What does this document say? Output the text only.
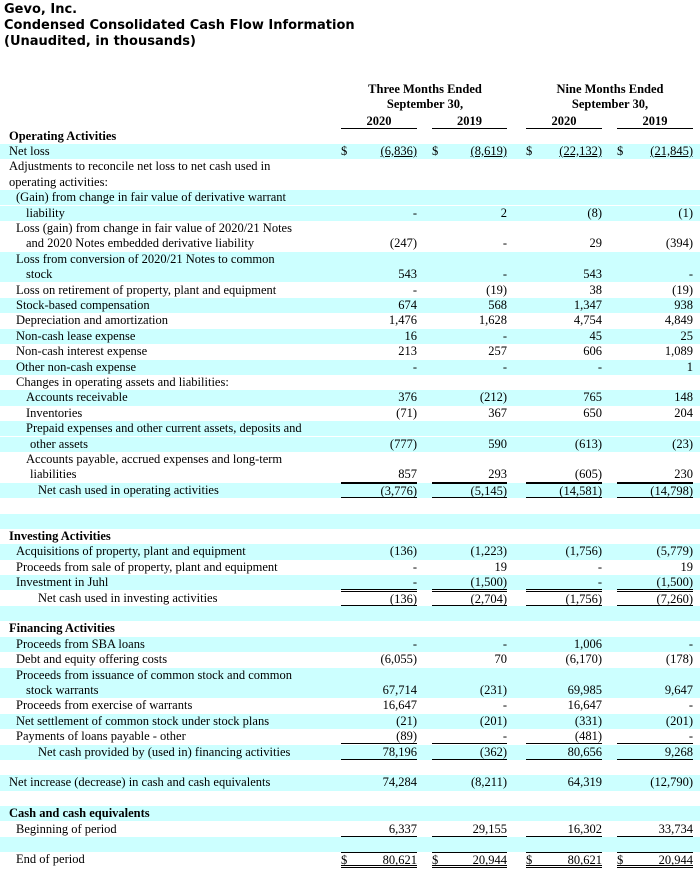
Gevo, Inc.
Condensed Consolidated Cash Flow Information
(Unaudited, in thousands)
Three Months Ended
September 30,
Nine Months Ended
September 30,
2020	2019	2020	2019
Operating Activities
Net loss	$	(6,836) $	(8,619) $ (22,132) $ (21,845)
Adjustments to reconcile net loss to net cash used in
operating activities:
(Gain) from change in fair value of derivative warrant
liability	-	2	(8)	(1)
Loss (gain) from change in fair value of 2020/21 Notes
and 2020 Notes embedded derivative liability	(247)	-	29	(394)
Loss from conversion of 2020/21 Notes to common
stock	543	-	543	-
Loss on retirement of property, plant and equipment	-	(19)	38	(19)
Stock-based compensation	674	568	1,347	938
Depreciation and amortization	1,476	1,628	4,754	4,849
Non-cash lease expense	16	-	45	25
Non-cash interest expense	213	257	606	1,089
Other non-cash expense	-	-	-	1
Changes in operating assets and liabilities:
Accounts receivable	376	(212)	765	148
Inventories	(71)	367	650	204
Prepaid expenses and other current assets, deposits and
other assets	(777)	590	(613)	(23)
Accounts payable, accrued expenses and long-term
liabilities	857	293	(605)	230
Net cash used in operating activities	(3,776)	(5,145)	(14,581)	(14,798)
Investing Activities
Acquisitions of property, plant and equipment	(136)	(1,223)	(1,756)	(5,779)
Proceeds from sale of property, plant and equipment	-	19	-	19
Investment in Juhl	-	(1,500)	-	(1,500)
Net cash used in investing activities	(136)	(2,704)	(1,756)	(7,260)
Financing Activities
Proceeds from SBA loans	-	-	1,006	-
Debt and equity offering costs	(6,055)	70	(6,170)	(178)
Proceeds from issuance of common stock and common
stock warrants	67,714	(231)	69,985	9,647
Proceeds from exercise of warrants	16,647	-	16,647	-
Net settlement of common stock under stock plans	(21)	(201)	(331)	(201)
Payments of loans payable - other	(89)	-	(481)	-
Net cash provided by (used in) financing activities	78,196	(362)	80,656	9,268
Net increase (decrease) in cash and cash equivalents	74,284	(8,211)	64,319	(12,790)
Cash and cash equivalents
Beginning of period	6,337	29,155	16,302	33,734
End of period	$	80,621 $	20,944 $	80,621 $	20,944
